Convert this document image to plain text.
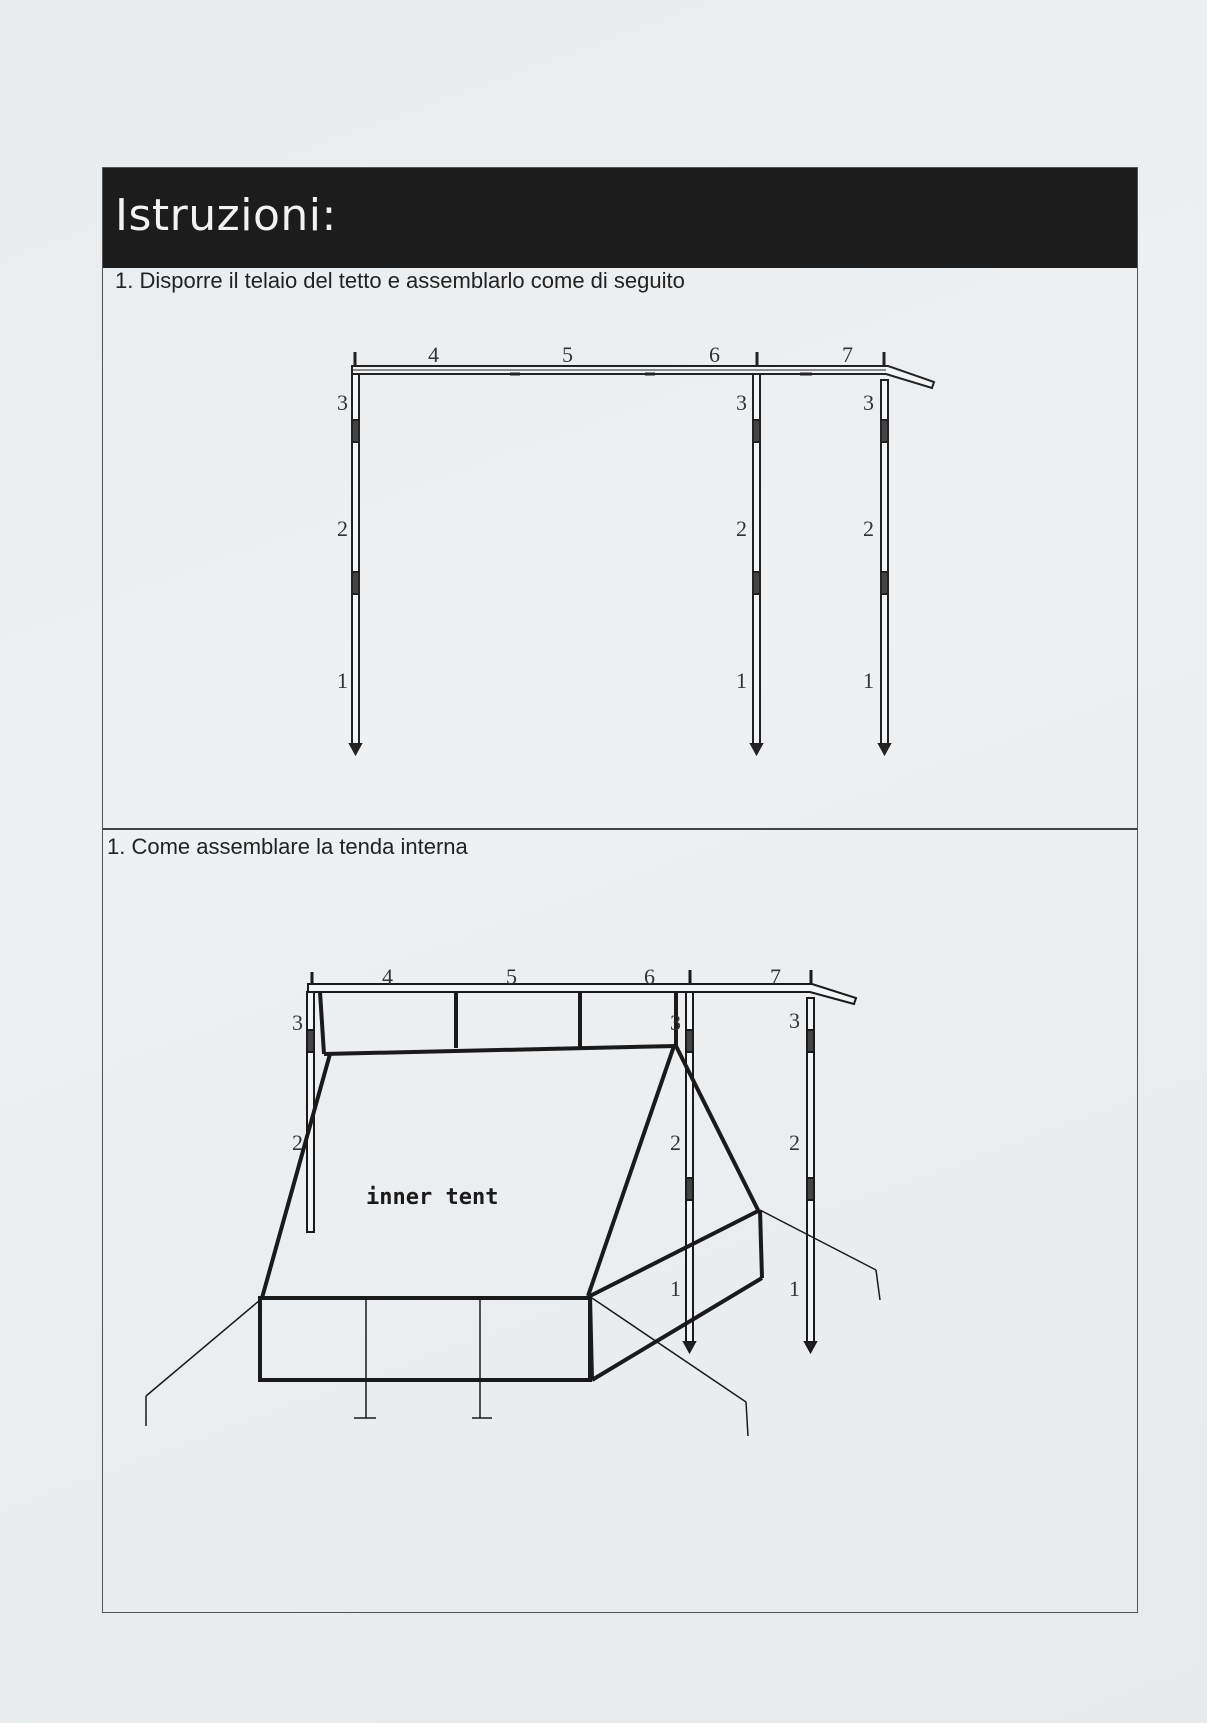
Istruzioni:
1. Disporre il telaio del tetto e assemblarlo come di seguito
1. Come assemblare la tenda interna
4	5	6	7
3
2
1
3
2
1
3
2
1
4	5	6	7
3
2
3
2
1
3
2
1
inner tent
